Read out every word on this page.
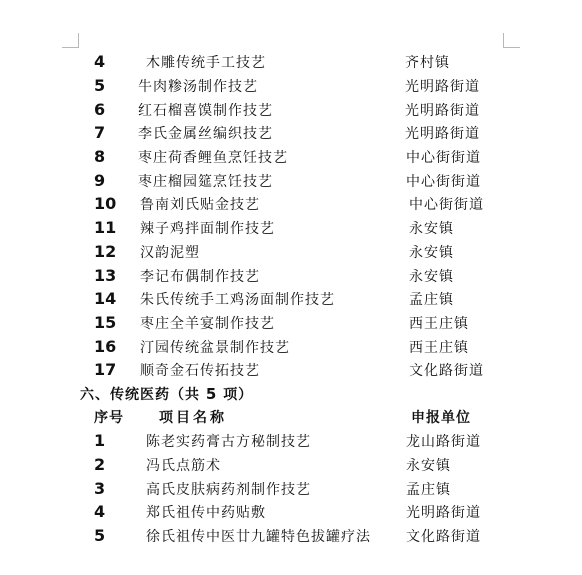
4	木雕传统手工技艺	齐村镇
5 牛肉糁汤制作技艺	光明路街道
6 红石榴喜馍制作技艺	光明路街道
7 李氏金属丝编织技艺	光明路街道
8 枣庄荷香鲤鱼烹饪技艺	中心街街道
9 枣庄榴园筵烹饪技艺	中心街街道
10 鲁南刘氏贴金技艺	中心街街道
11 辣子鸡拌面制作技艺	永安镇
12 汉韵泥塑	永安镇
13 李记布偶制作技艺	永安镇
14 朱氏传统手工鸡汤面制作技艺	孟庄镇
15 枣庄全羊宴制作技艺	西王庄镇
16 汀园传统盆景制作技艺	西王庄镇
17 顺奇金石传拓技艺	文化路街道
六、传统医药（共 5 项）
序号	项目名称	申报单位
1	陈老实药膏古方秘制技艺	龙山路街道
2	冯氏点筋术	永安镇
3	高氏皮肤病药剂制作技艺	孟庄镇
4	郑氏祖传中药贴敷	光明路街道
5	徐氏祖传中医廿九罐特色拔罐疗法	文化路街道
